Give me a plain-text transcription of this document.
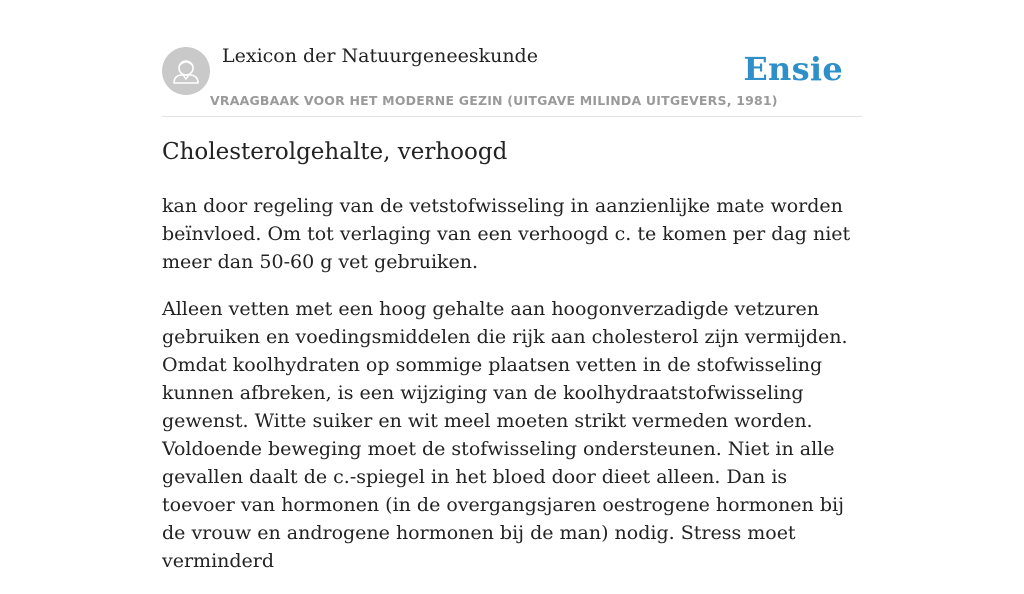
Lexicon der Natuurgeneeskunde
VRAAGBAAK VOOR HET MODERNE GEZIN (UITGAVE MILINDA UITGEVERS, 1981)
Ensie
Cholesterolgehalte, verhoogd

kan door regeling van de vetstofwisseling in aanzienlijke mate worden beïnvloed. Om tot verlaging van een verhoogd c. te komen per dag niet meer dan 50-60 g vet gebruiken.

Alleen vetten met een hoog gehalte aan hoogonverzadigde vetzuren gebruiken en voedingsmiddelen die rijk aan cholesterol zijn vermijden. Omdat koolhydraten op sommige plaatsen vetten in de stofwisseling kunnen afbreken, is een wijziging van de koolhydraatstofwisseling gewenst. Witte suiker en wit meel moeten strikt vermeden worden. Voldoende beweging moet de stofwisseling ondersteunen. Niet in alle gevallen daalt de c.-spiegel in het bloed door dieet alleen. Dan is toevoer van hormonen (in de overgangsjaren oestrogene hormonen bij de vrouw en androgene hormonen bij de man) nodig. Stress moet verminderd
